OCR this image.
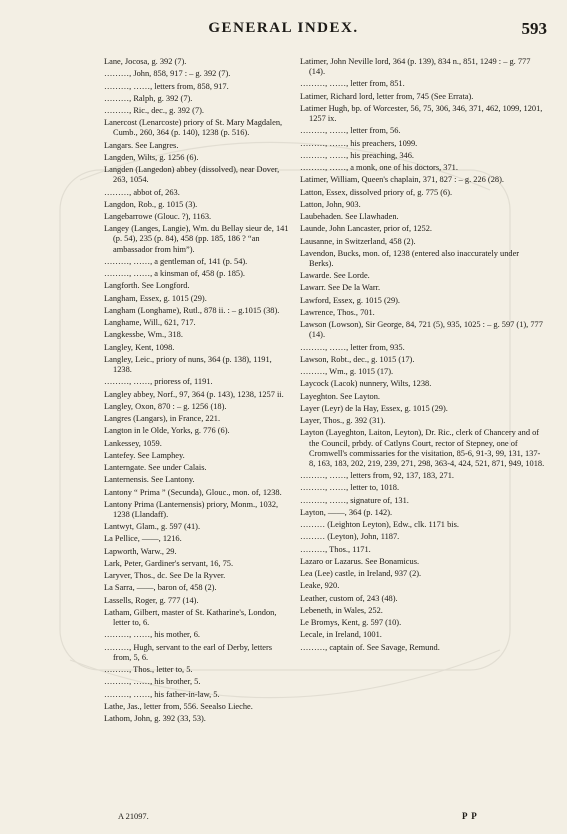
GENERAL INDEX.	593
Lane, Jocosa, g. 392 (7).
………, John, 858, 917 : – g. 392 (7).
………, ……, letters from, 858, 917.
………, Ralph, g. 392 (7).
………, Ric., dec., g. 392 (7).
Lanercost (Lenarcoste) priory of St. Mary Magdalen, Cumb., 260, 364 (p. 140), 1238 (p. 516).
Langars. See Langres.
Langden, Wilts, g. 1256 (6).
Langden (Langedon) abbey (dissolved), near Dover, 263, 1054.
………, abbot of, 263.
Langdon, Rob., g. 1015 (3).
Langebarrowe (Glouc. ?), 1163.
Langey (Langes, Langie), Wm. du Bellay sieur de, 141 (p. 54), 235 (p. 84), 458 (pp. 185, 186 ? “an ambassador from him”).
………, ……, a gentleman of, 141 (p. 54).
………, ……, a kinsman of, 458 (p. 185).
Langforth. See Longford.
Langham, Essex, g. 1015 (29).
Langham (Longhame), Rutl., 878 ii. : – g.1015 (38).
Langhame, Will., 621, 717.
Langkessbe, Wm., 318.
Langley, Kent, 1098.
Langley, Leic., priory of nuns, 364 (p. 138), 1191, 1238.
………, ……, prioress of, 1191.
Langley abbey, Norf., 97, 364 (p. 143), 1238, 1257 ii.
Langley, Oxon, 870 : – g. 1256 (18).
Langres (Langars), in France, 221.
Langton in le Olde, Yorks, g. 776 (6).
Lankessey, 1059.
Lantefey. See Lamphey.
Lanterngate. See under Calais.
Lanternensis. See Lantony.
Lantony “ Prima ” (Secunda), Glouc., mon. of, 1238.
Lantony Prima (Lanternensis) priory, Monm., 1032, 1238 (Llandaff).
Lantwyt, Glam., g. 597 (41).
La Pellice, ——, 1216.
Lapworth, Warw., 29.
Lark, Peter, Gardiner's servant, 16, 75.
Laryver, Thos., dc. See De la Ryver.
La Sarra, ——, baron of, 458 (2).
Lassells, Roger, g. 777 (14).
Latham, Gilbert, master of St. Katharine's, London, letter to, 6.
………, ……, his mother, 6.
………, Hugh, servant to the earl of Derby, letters from, 5, 6.
………, Thos., letter to, 5.
………, ……, his brother, 5.
………, ……, his father-in-law, 5.
Lathe, Jas., letter from, 556. Seealso Lieche.
Lathom, John, g. 392 (33, 53).
Latimer, John Neville lord, 364 (p. 139), 834 n., 851, 1249 : – g. 777 (14).
………, ……, letter from, 851.
Latimer, Richard lord, letter from, 745 (See Errata).
Latimer Hugh, bp. of Worcester, 56, 75, 306, 346, 371, 462, 1099, 1201, 1257 ix.
………, ……, letter from, 56.
………, ……, his preachers, 1099.
………, ……, his preaching, 346.
………, ……, a monk, one of his doctors, 371.
Latimer, William, Queen's chaplain, 371, 827 : – g. 226 (28).
Latton, Essex, dissolved priory of, g. 775 (6).
Latton, John, 903.
Laubehaden. See Llawhaden.
Launde, John Lancaster, prior of, 1252.
Lausanne, in Switzerland, 458 (2).
Lavendon, Bucks, mon. of, 1238 (entered also inaccurately under Berks).
Lawarde. See Lorde.
Lawarr. See De la Warr.
Lawford, Essex, g. 1015 (29).
Lawrence, Thos., 701.
Lawson (Lowson), Sir George, 84, 721 (5), 935, 1025 : – g. 597 (1), 777 (14).
………, ……, letter from, 935.
Lawson, Robt., dec., g. 1015 (17).
………, Wm., g. 1015 (17).
Laycock (Lacok) nunnery, Wilts, 1238.
Layeghton. See Layton.
Layer (Leyr) de la Hay, Essex, g. 1015 (29).
Layer, Thos., g. 392 (31).
Layton (Layeghton, Laiton, Leyton), Dr. Ric., clerk of Chancery and of the Council, prbdy. of Catlyns Court, rector of Stepney, one of Cromwell's commissaries for the visitation, 85-6, 91-3, 99, 131, 137-8, 163, 183, 202, 219, 239, 271, 298, 363-4, 424, 521, 871, 949, 1018.
………, ……, letters from, 92, 137, 183, 271.
………, ……, letter to, 1018.
………, ……, signature of, 131.
Layton, ——, 364 (p. 142).
……… (Leighton Leyton), Edw., clk. 1171 bis.
……… (Leyton), John, 1187.
………, Thos., 1171.
Lazaro or Lazarus. See Bonamicus.
Lea (Lee) castle, in Ireland, 937 (2).
Leake, 920.
Leather, custom of, 243 (48).
Lebeneth, in Wales, 252.
Le Bromys, Kent, g. 597 (10).
Lecale, in Ireland, 1001.
………, captain of. See Savage, Remund.
A 21097.	P P
